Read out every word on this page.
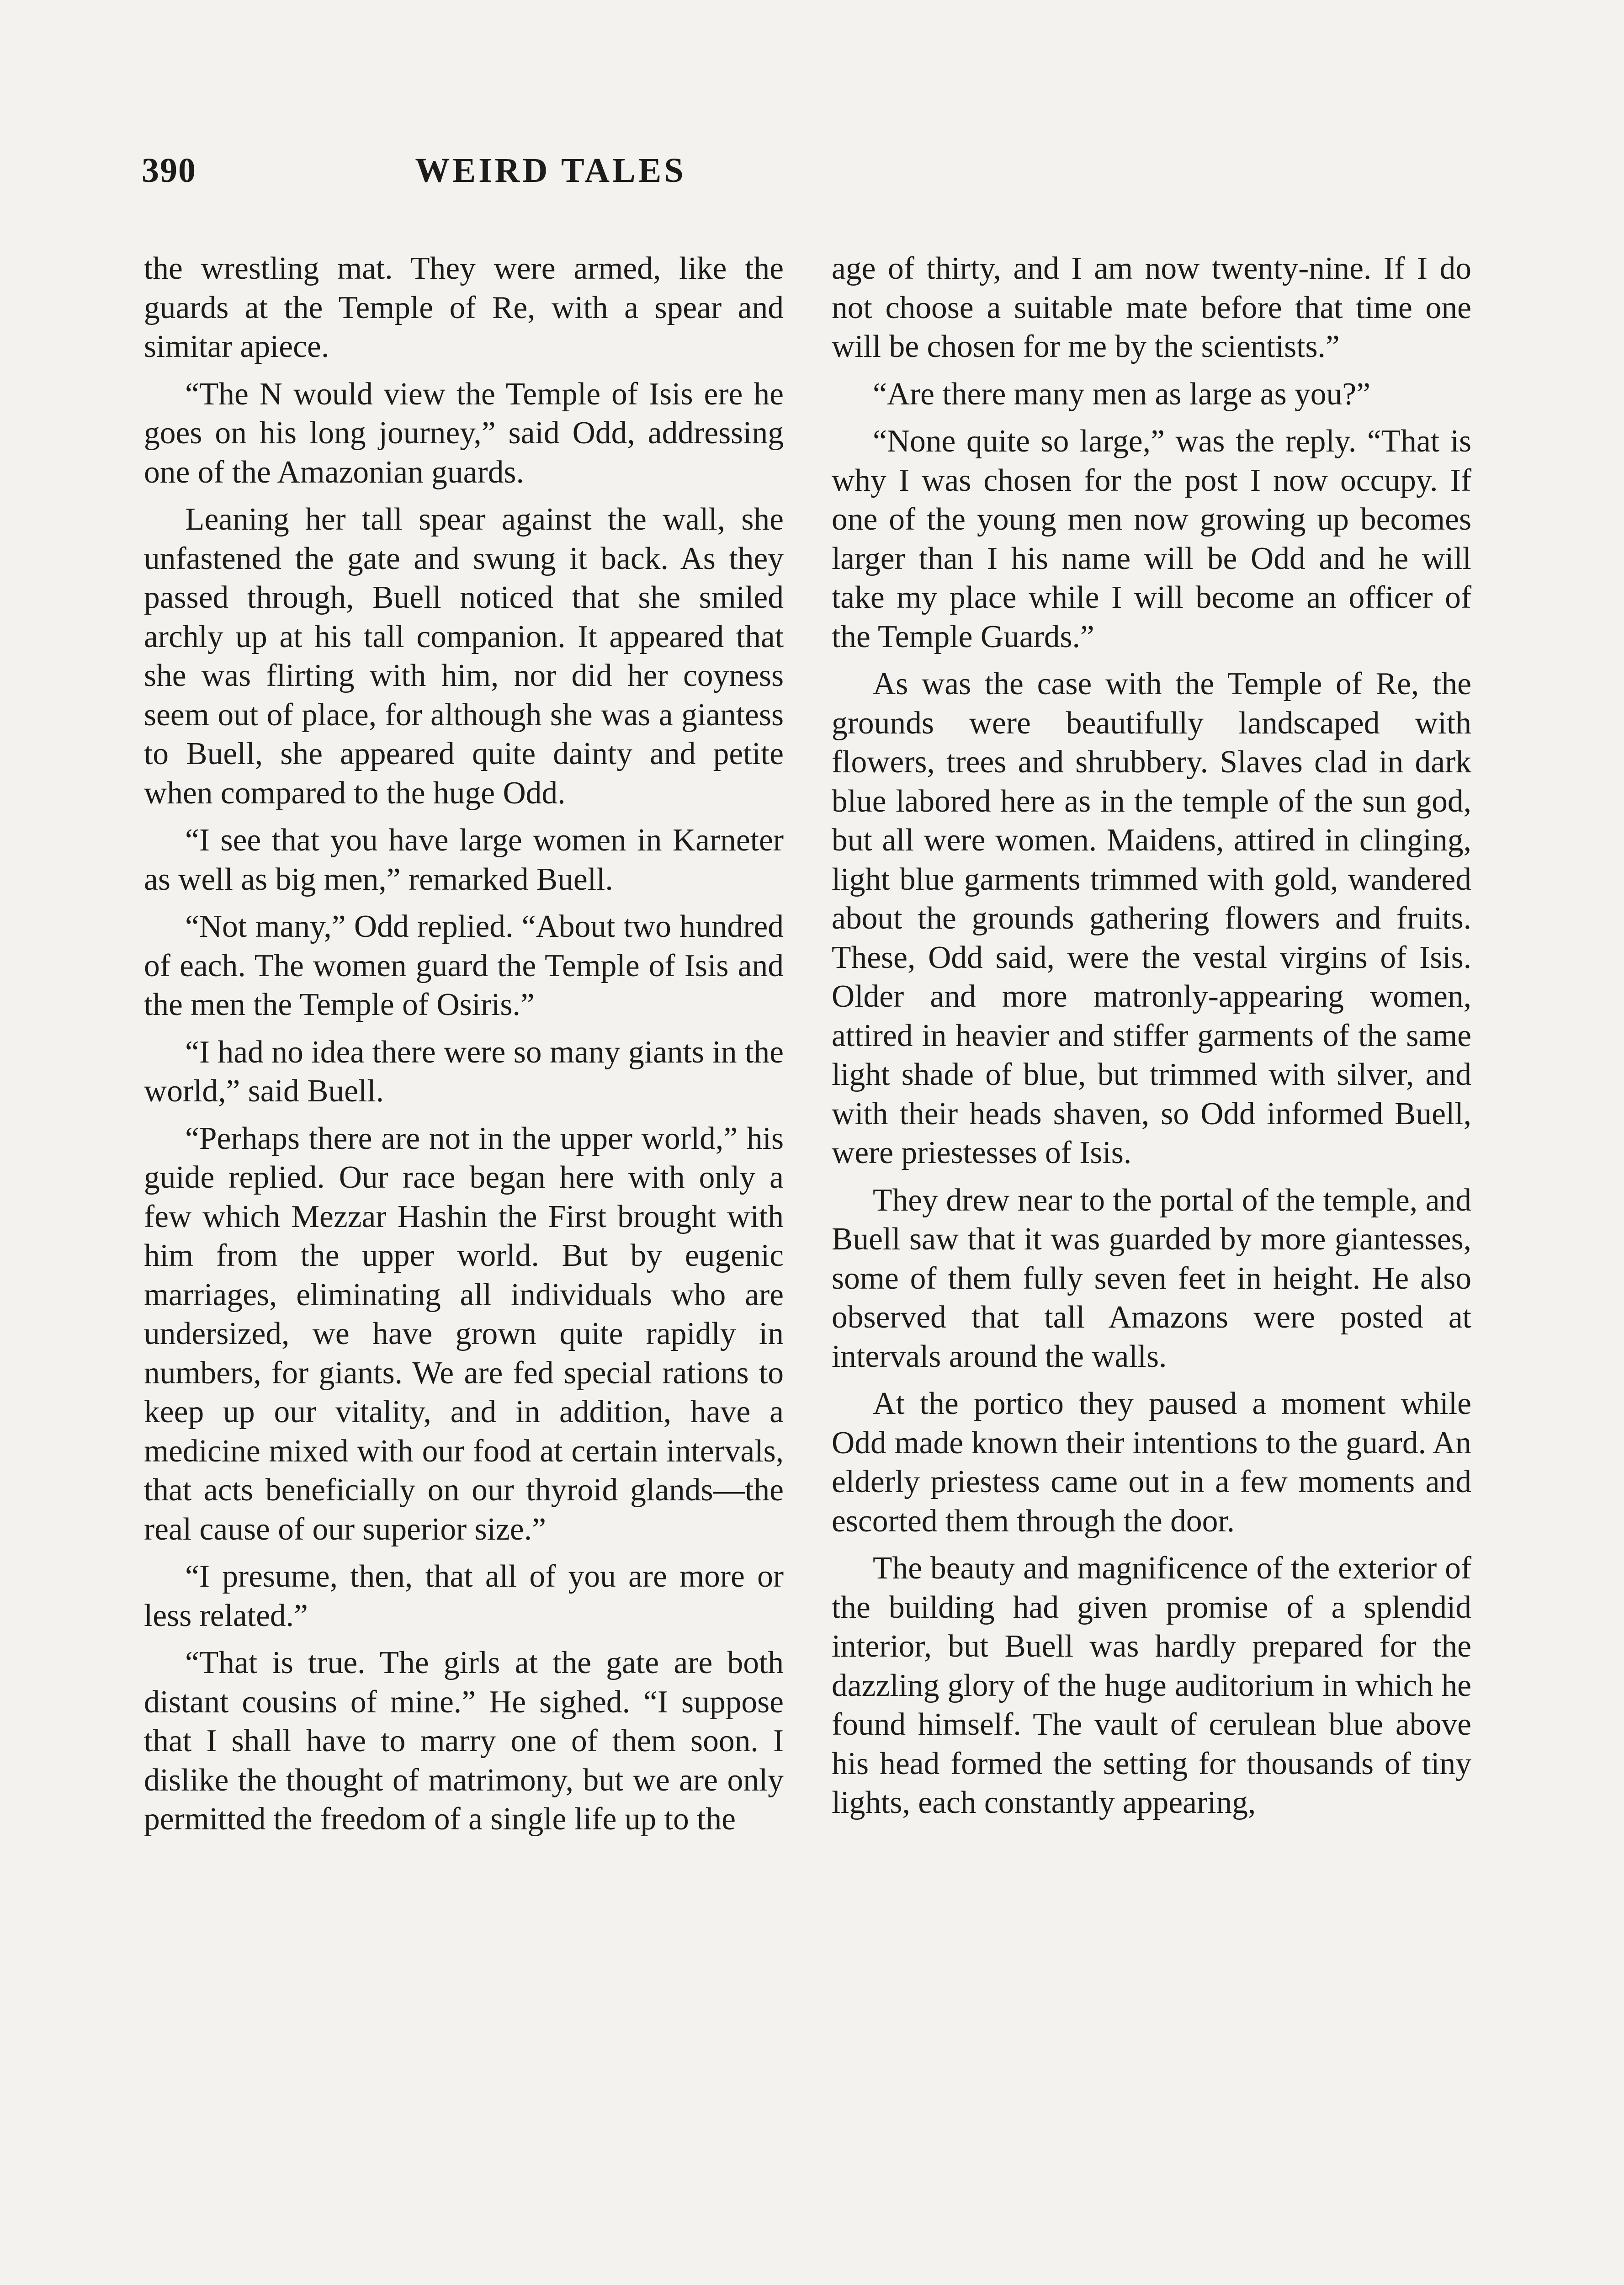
390	WEIRD TALES

the wrestling mat. They were armed, like the guards at the Temple of Re, with a spear and simitar apiece.

“The N would view the Temple of Isis ere he goes on his long journey,” said Odd, addressing one of the Amazonian guards.

Leaning her tall spear against the wall, she unfastened the gate and swung it back. As they passed through, Buell noticed that she smiled archly up at his tall companion. It appeared that she was flirting with him, nor did her coyness seem out of place, for although she was a giantess to Buell, she appeared quite dainty and petite when compared to the huge Odd.

“I see that you have large women in Karneter as well as big men,” remarked Buell.

“Not many,” Odd replied. “About two hundred of each. The women guard the Temple of Isis and the men the Temple of Osiris.”

“I had no idea there were so many giants in the world,” said Buell.

“Perhaps there are not in the upper world,” his guide replied. Our race began here with only a few which Mezzar Hashin the First brought with him from the upper world. But by eugenic marriages, eliminating all individuals who are undersized, we have grown quite rapidly in numbers, for giants. We are fed special rations to keep up our vitality, and in addition, have a medicine mixed with our food at certain intervals, that acts beneficially on our thyroid glands—the real cause of our superior size.”

“I presume, then, that all of you are more or less related.”

“That is true. The girls at the gate are both distant cousins of mine.” He sighed. “I suppose that I shall have to marry one of them soon. I dislike the thought of matrimony, but we are only permitted the freedom of a single life up to the

age of thirty, and I am now twenty-nine. If I do not choose a suitable mate before that time one will be chosen for me by the scientists.”

“Are there many men as large as you?”

“None quite so large,” was the reply. “That is why I was chosen for the post I now occupy. If one of the young men now growing up becomes larger than I his name will be Odd and he will take my place while I will become an officer of the Temple Guards.”

As was the case with the Temple of Re, the grounds were beautifully landscaped with flowers, trees and shrubbery. Slaves clad in dark blue labored here as in the temple of the sun god, but all were women. Maidens, attired in clinging, light blue garments trimmed with gold, wandered about the grounds gathering flowers and fruits. These, Odd said, were the vestal virgins of Isis. Older and more matronly-appearing women, attired in heavier and stiffer garments of the same light shade of blue, but trimmed with silver, and with their heads shaven, so Odd informed Buell, were priestesses of Isis.

They drew near to the portal of the temple, and Buell saw that it was guarded by more giantesses, some of them fully seven feet in height. He also observed that tall Amazons were posted at intervals around the walls.

At the portico they paused a moment while Odd made known their intentions to the guard. An elderly priestess came out in a few moments and escorted them through the door.

The beauty and magnificence of the exterior of the building had given promise of a splendid interior, but Buell was hardly prepared for the dazzling glory of the huge auditorium in which he found himself. The vault of cerulean blue above his head formed the setting for thousands of tiny lights, each constantly appearing,
